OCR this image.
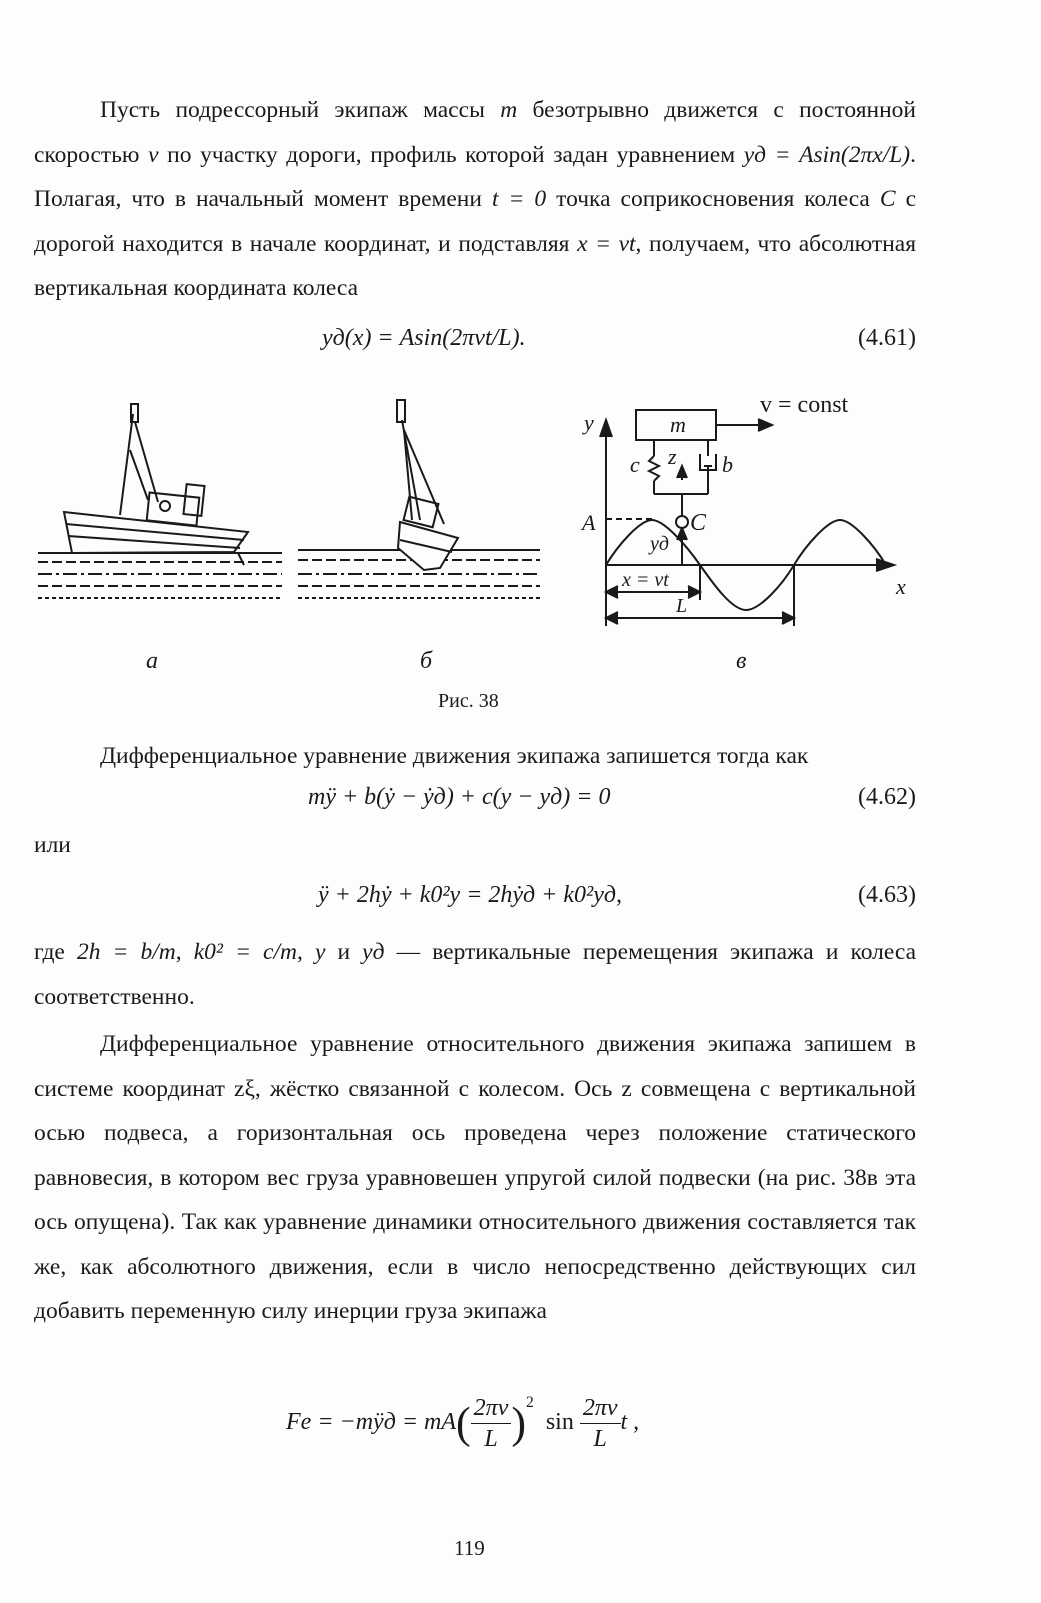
Пусть подрессорный экипаж массы m безотрывно движется с постоянной скоростью v по участку дороги, профиль которой задан уравнением yд = Asin(2πx/L). Полагая, что в начальный момент времени t = 0 точка соприкосновения колеса C с дорогой находится в начале координат, и подставляя x = vt, получаем, что абсолютная вертикальная координата колеса

yд(x) = Asin(2πvt/L).	(4.61)
v = const
m
c z b
y
A	C
yд
x = vt
L
x
а	б	в
Рис. 38

Дифференциальное уравнение движения экипажа запишется тогда как

mÿ + b(ẏ − ẏд) + c(y − yд) = 0	(4.62)
или
ÿ + 2hẏ + k0²y = 2hẏд + k0²yд,	(4.63)

где 2h = b/m, k0² = c/m, y и yд — вертикальные перемещения экипажа и колеса соответственно.

Дифференциальное уравнение относительного движения экипажа запишем в системе координат zξ, жёстко связанной с колесом. Ось z совмещена с вертикальной осью подвеса, а горизонтальная ось проведена через положение статического равновесия, в котором вес груза уравновешен упругой силой подвески (на рис. 38в эта ось опущена). Так как уравнение динамики относительного движения составляется так же, как абсолютного движения, если в число непосредственно действующих сил добавить переменную силу инерции груза экипажа

Fe = −mÿд = $mA( \frac{2\pi v}{L} )^2$ $\sin \frac{2\pi v}{L}$ t ,
119
